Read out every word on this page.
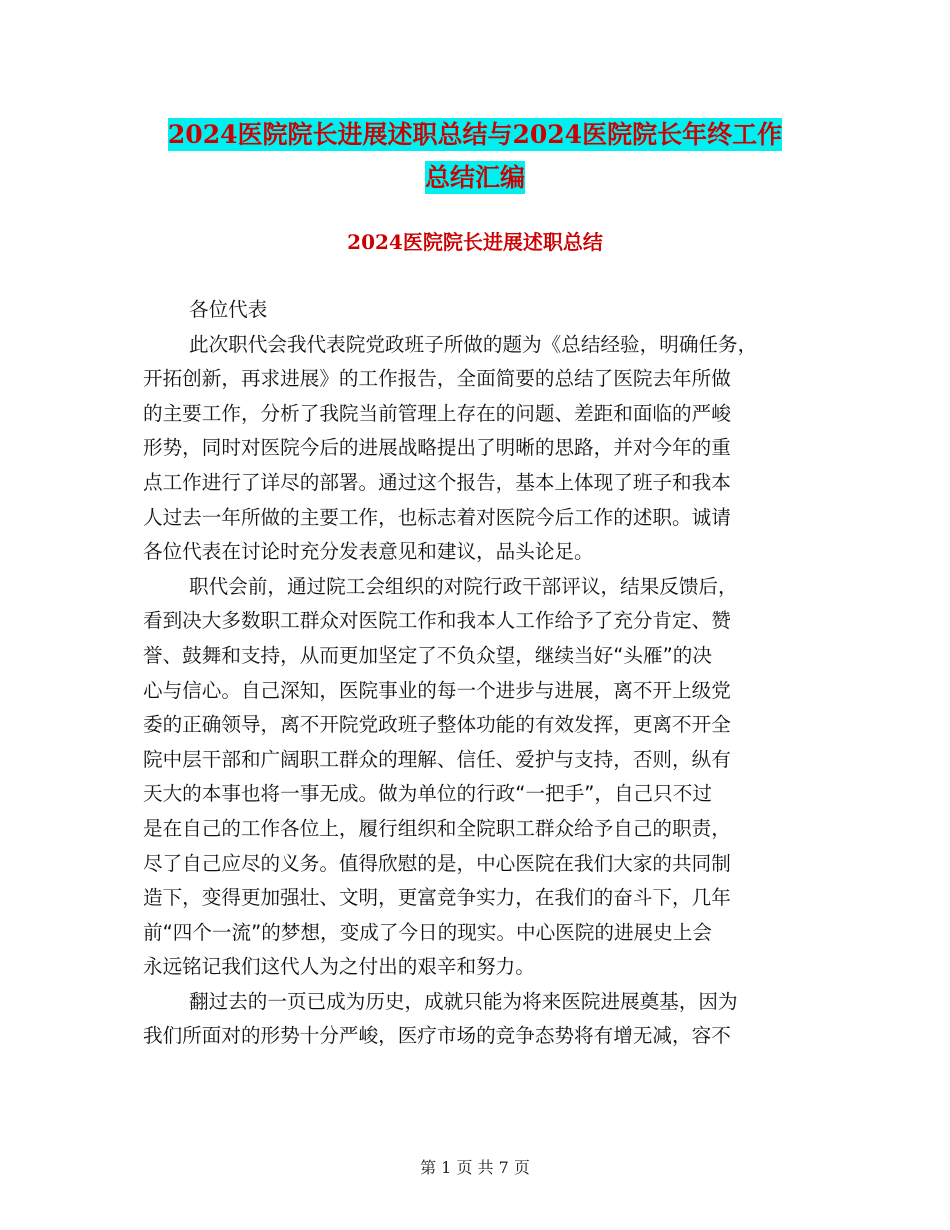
2024医院院长进展述职总结与2024医院院长年终工作
总结汇编
2024医院院长进展述职总结
各位代表
此次职代会我代表院党政班子所做的题为《总结经验，明确任务，
开拓创新，再求进展》的工作报告，全面简要的总结了医院去年所做
的主要工作，分析了我院当前管理上存在的问题、差距和面临的严峻
形势，同时对医院今后的进展战略提出了明晰的思路，并对今年的重
点工作进行了详尽的部署。通过这个报告，基本上体现了班子和我本
人过去一年所做的主要工作，也标志着对医院今后工作的述职。诚请
各位代表在讨论时充分发表意见和建议，品头论足。
职代会前，通过院工会组织的对院行政干部评议，结果反馈后，
看到决大多数职工群众对医院工作和我本人工作给予了充分肯定、赞
誉、鼓舞和支持，从而更加坚定了不负众望，继续当好“头雁”的决
心与信心。自己深知，医院事业的每一个进步与进展，离不开上级党
委的正确领导，离不开院党政班子整体功能的有效发挥，更离不开全
院中层干部和广阔职工群众的理解、信任、爱护与支持，否则，纵有
天大的本事也将一事无成。做为单位的行政“一把手”，自己只不过
是在自己的工作各位上，履行组织和全院职工群众给予自己的职责，
尽了自己应尽的义务。值得欣慰的是，中心医院在我们大家的共同制
造下，变得更加强壮、文明，更富竞争实力，在我们的奋斗下，几年
前“四个一流”的梦想，变成了今日的现实。中心医院的进展史上会
永远铭记我们这代人为之付出的艰辛和努力。
翻过去的一页已成为历史，成就只能为将来医院进展奠基，因为
我们所面对的形势十分严峻，医疗市场的竞争态势将有增无减，容不
第 1 页 共 7 页
